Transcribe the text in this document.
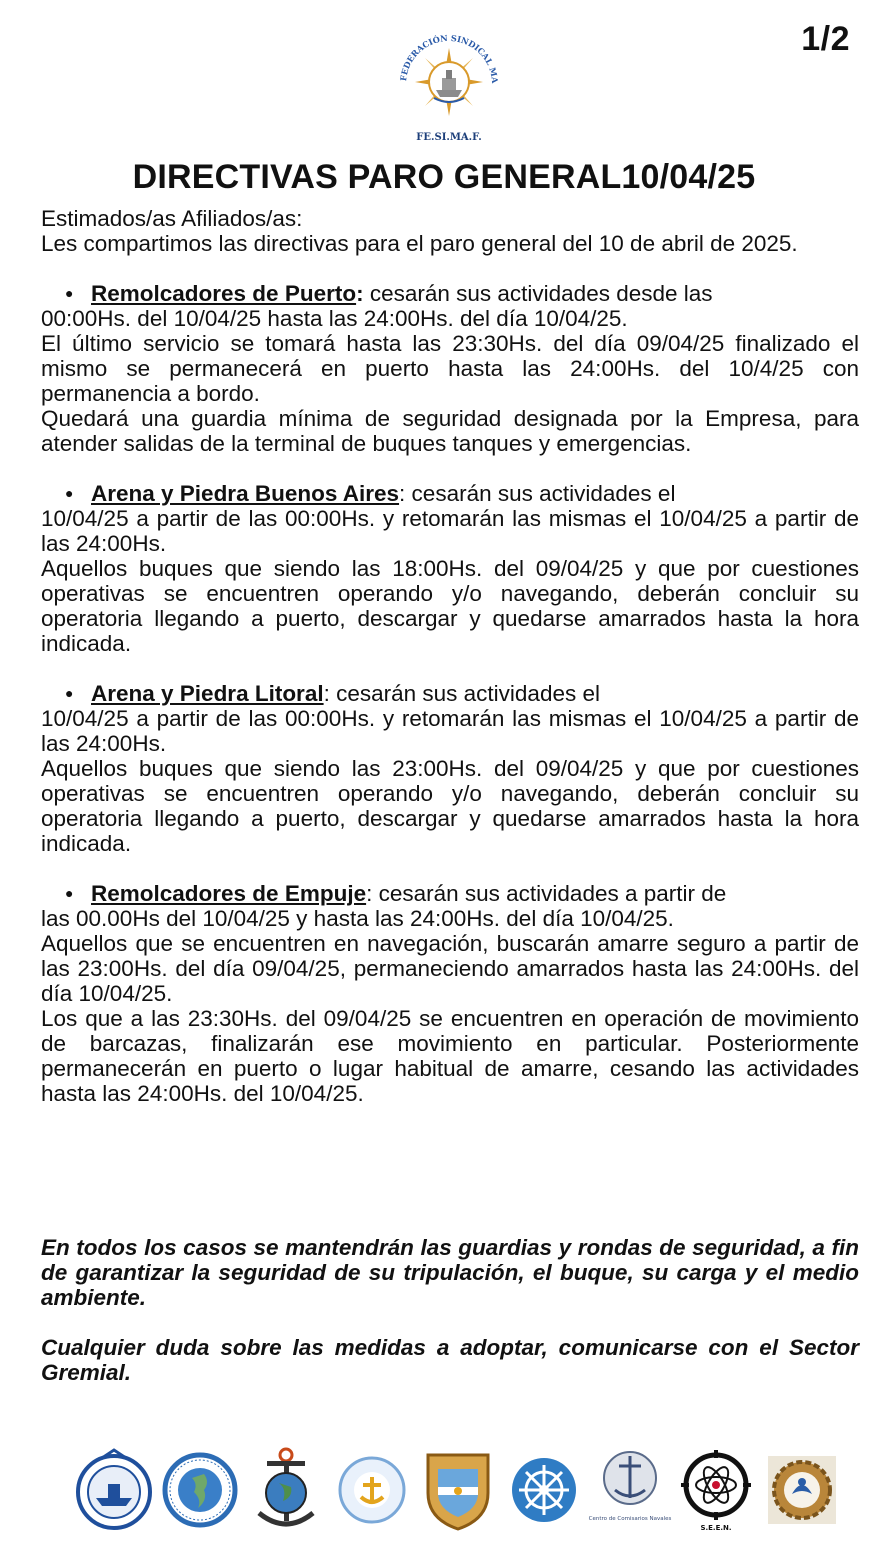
1/2
FEDERACIÓN SINDICAL MA
FE.SI.MA.F.
DIRECTIVAS PARO GENERAL10/04/25

Estimados/as Afiliados/as:

Les compartimos las directivas para el paro general del 10 de abril de 2025.

● Remolcadores de Puerto: cesarán sus actividades desde las

00:00Hs. del 10/04/25 hasta las 24:00Hs. del día 10/04/25.

El último servicio se tomará hasta las 23:30Hs. del día 09/04/25 finalizado el mismo se permanecerá en puerto hasta las 24:00Hs. del 10/4/25 con permanencia a bordo.

Quedará una guardia mínima de seguridad designada por la Empresa, para atender salidas de la terminal de buques tanques y emergencias.

● Arena y Piedra Buenos Aires: cesarán sus actividades el

10/04/25 a partir de las 00:00Hs. y retomarán las mismas el 10/04/25 a partir de las 24:00Hs.

Aquellos buques que siendo las 18:00Hs. del 09/04/25 y que por cuestiones operativas se encuentren operando y/o navegando, deberán concluir su operatoria llegando a puerto, descargar y quedarse amarrados hasta la hora indicada.

● Arena y Piedra Litoral: cesarán sus actividades el

10/04/25 a partir de las 00:00Hs. y retomarán las mismas el 10/04/25 a partir de las 24:00Hs.

Aquellos buques que siendo las 23:00Hs. del 09/04/25 y que por cuestiones operativas se encuentren operando y/o navegando, deberán concluir su operatoria llegando a puerto, descargar y quedarse amarrados hasta la hora indicada.

● Remolcadores de Empuje: cesarán sus actividades a partir de

las 00.00Hs del 10/04/25 y hasta las 24:00Hs. del día 10/04/25.

Aquellos que se encuentren en navegación, buscarán amarre seguro a partir de las 23:00Hs. del día 09/04/25, permaneciendo amarrados hasta las 24:00Hs. del día 10/04/25.

Los que a las 23:30Hs. del 09/04/25 se encuentren en operación de movimiento de barcazas, finalizarán ese movimiento en particular. Posteriormente permanecerán en puerto o lugar habitual de amarre, cesando las actividades hasta las 24:00Hs. del 10/04/25.

En todos los casos se mantendrán las guardias y rondas de seguridad, a fin de garantizar la seguridad de su tripulación, el buque, su carga y el medio ambiente.

Cualquier duda sobre las medidas a adoptar, comunicarse con el Sector Gremial.

Centro de Comisarios Navales
S.E.E.N.
